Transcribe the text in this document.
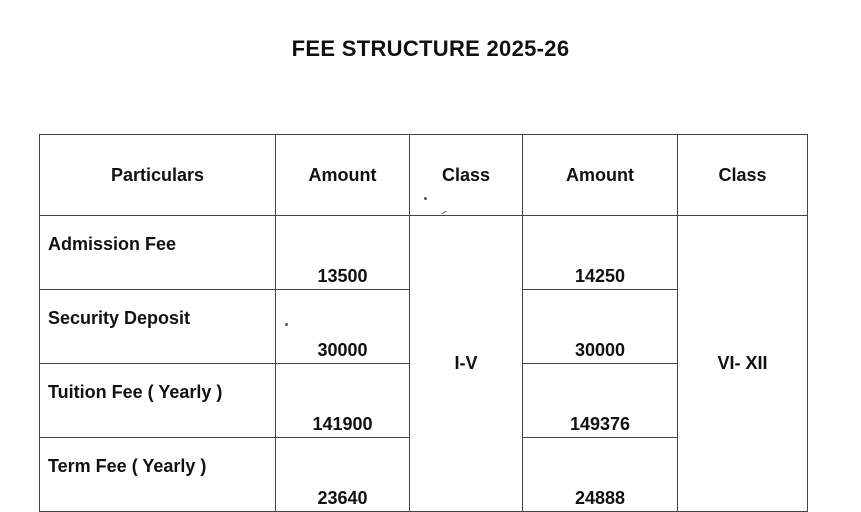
FEE STRUCTURE 2025-26
Particulars	Amount	Class	Amount	Class
Admission Fee	13500	I-V	14250	VI- XII
Security Deposit	30000		30000	

Tuition Fee ( Yearly )	141900		149376	

Term Fee ( Yearly )	23640		24888	
